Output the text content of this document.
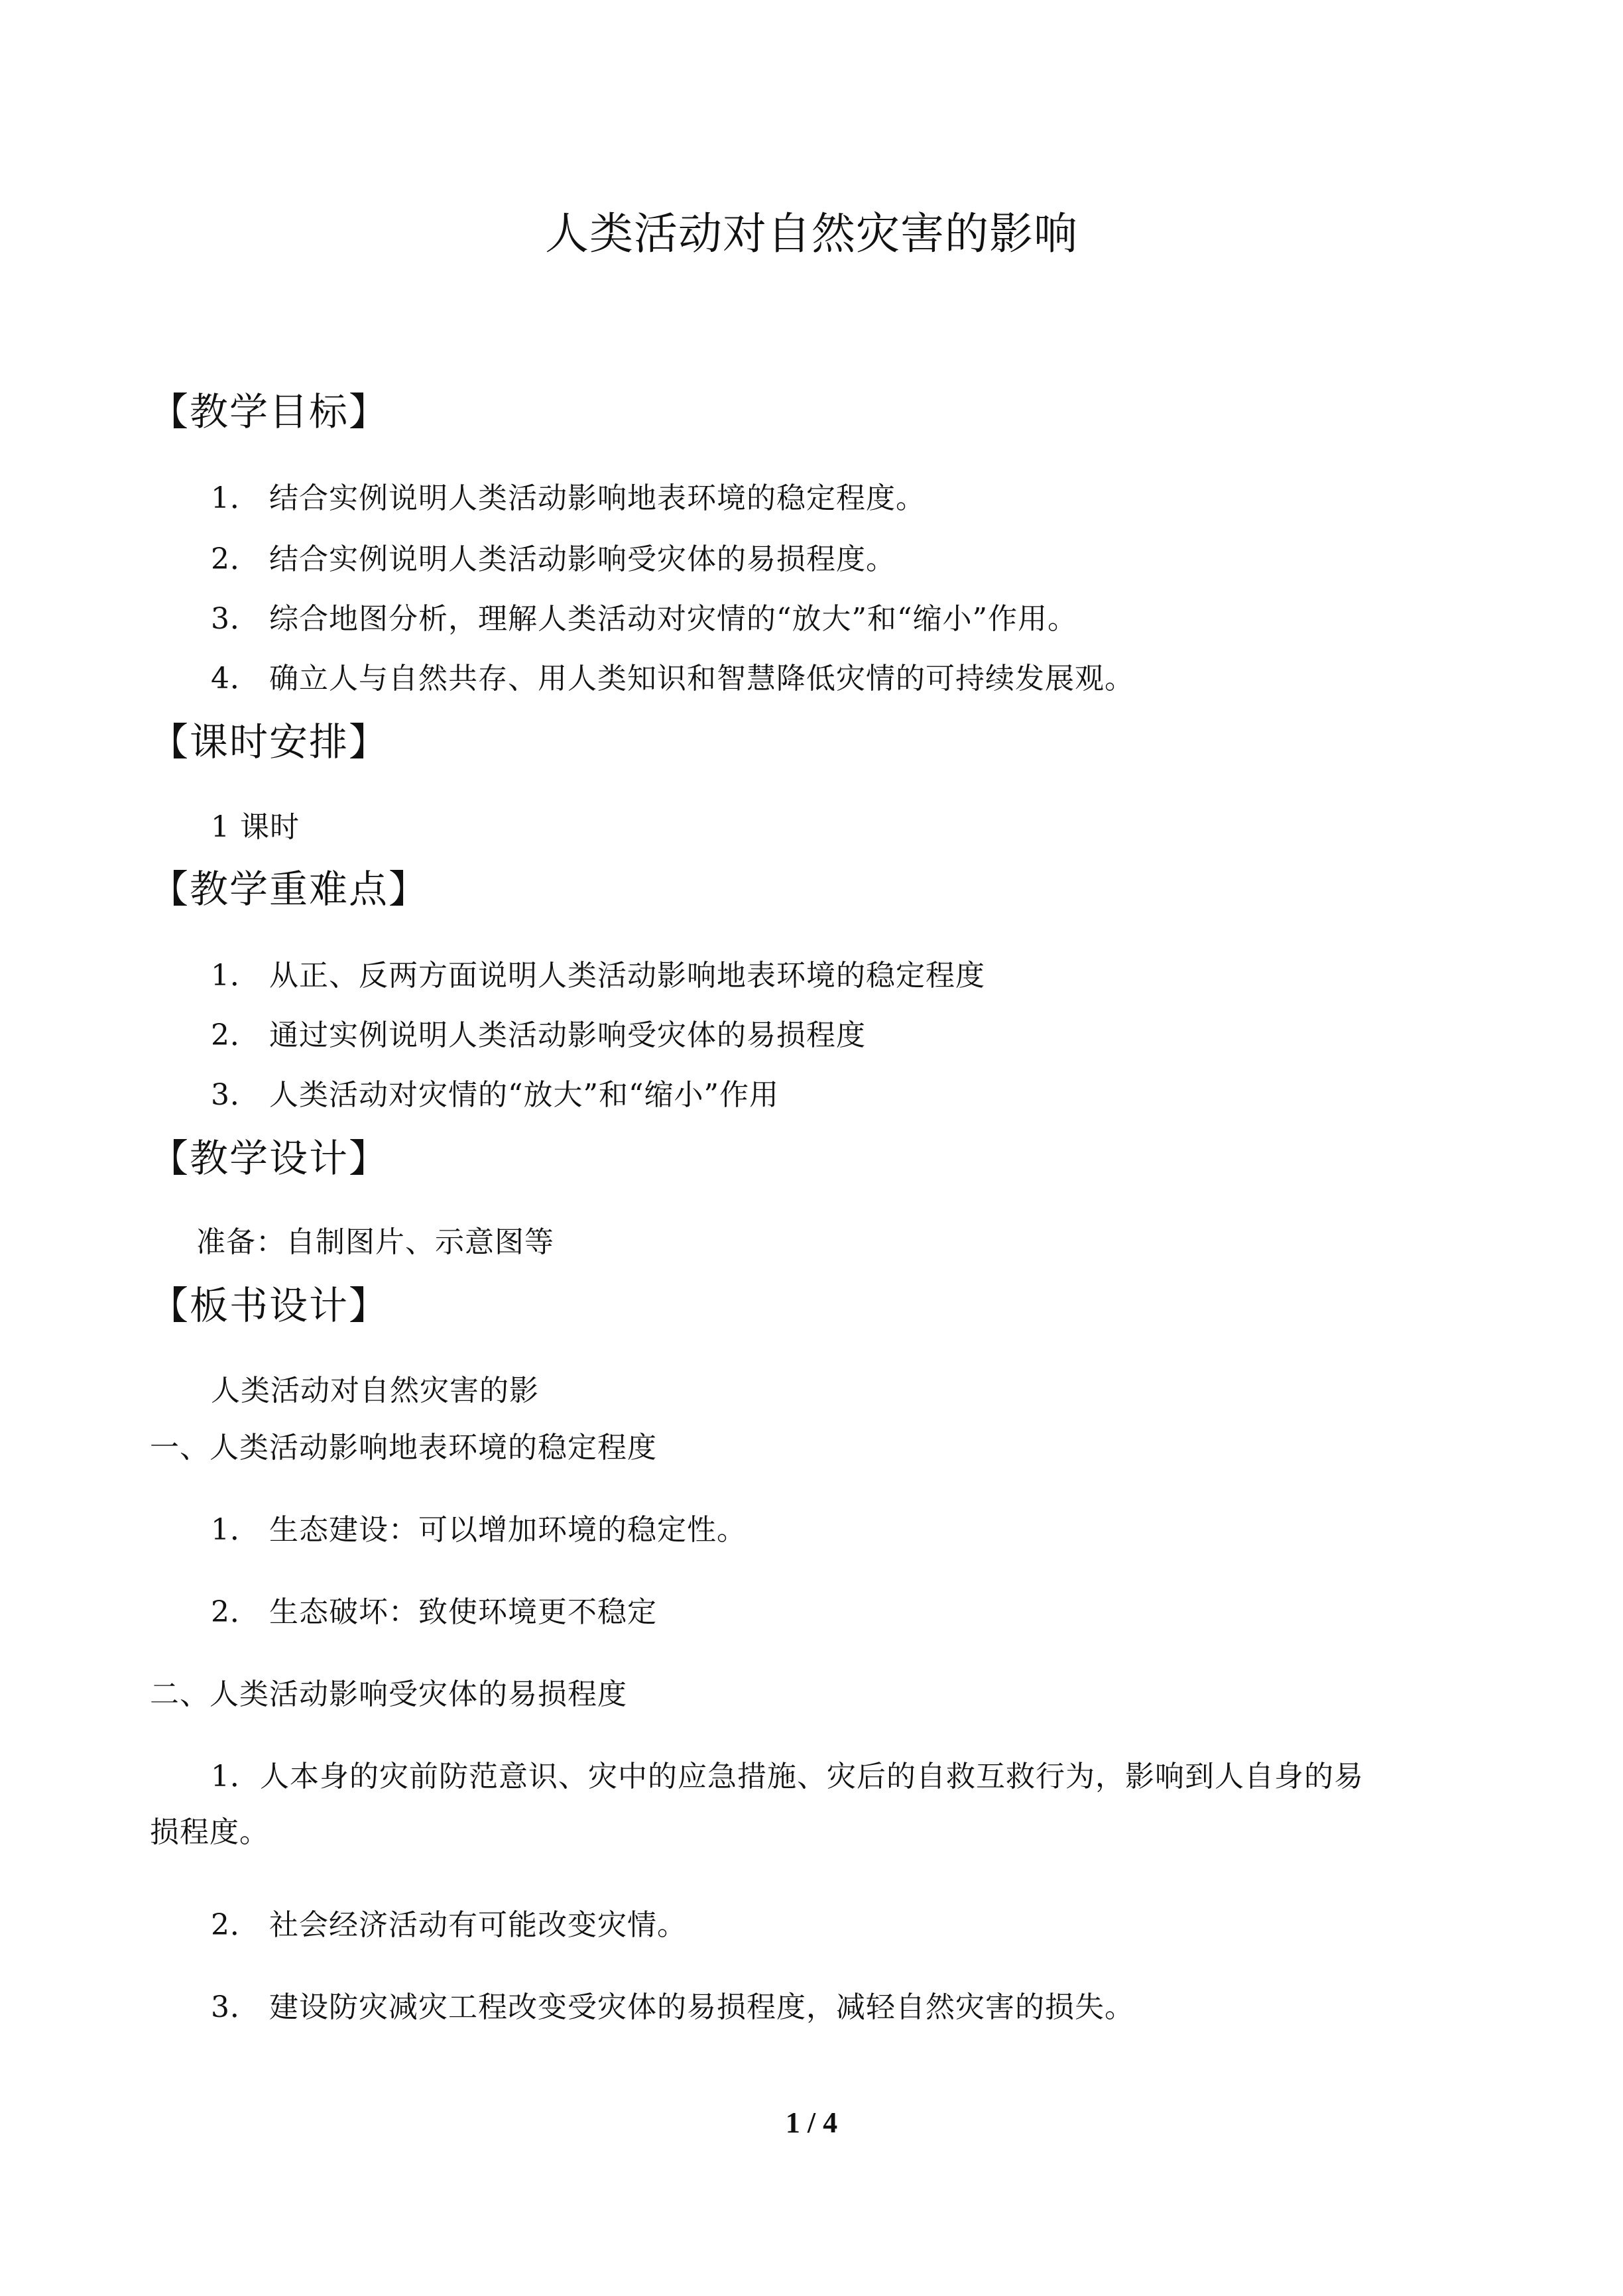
人类活动对自然灾害的影响
【教学目标】
1． 结合实例说明人类活动影响地表环境的稳定程度。
2． 结合实例说明人类活动影响受灾体的易损程度。
3． 综合地图分析，理解人类活动对灾情的“放大”和“缩小”作用。
4． 确立人与自然共存、用人类知识和智慧降低灾情的可持续发展观。
【课时安排】
1 课时
【教学重难点】
1． 从正、反两方面说明人类活动影响地表环境的稳定程度
2． 通过实例说明人类活动影响受灾体的易损程度
3． 人类活动对灾情的“放大”和“缩小”作用
【教学设计】
准备：自制图片、示意图等
【板书设计】
人类活动对自然灾害的影
一、人类活动影响地表环境的稳定程度
1． 生态建设：可以增加环境的稳定性。
2． 生态破坏：致使环境更不稳定
二、人类活动影响受灾体的易损程度
1．人本身的灾前防范意识、灾中的应急措施、灾后的自救互救行为，影响到人自身的易
损程度。
2． 社会经济活动有可能改变灾情。
3． 建设防灾减灾工程改变受灾体的易损程度，减轻自然灾害的损失。
1 / 4
